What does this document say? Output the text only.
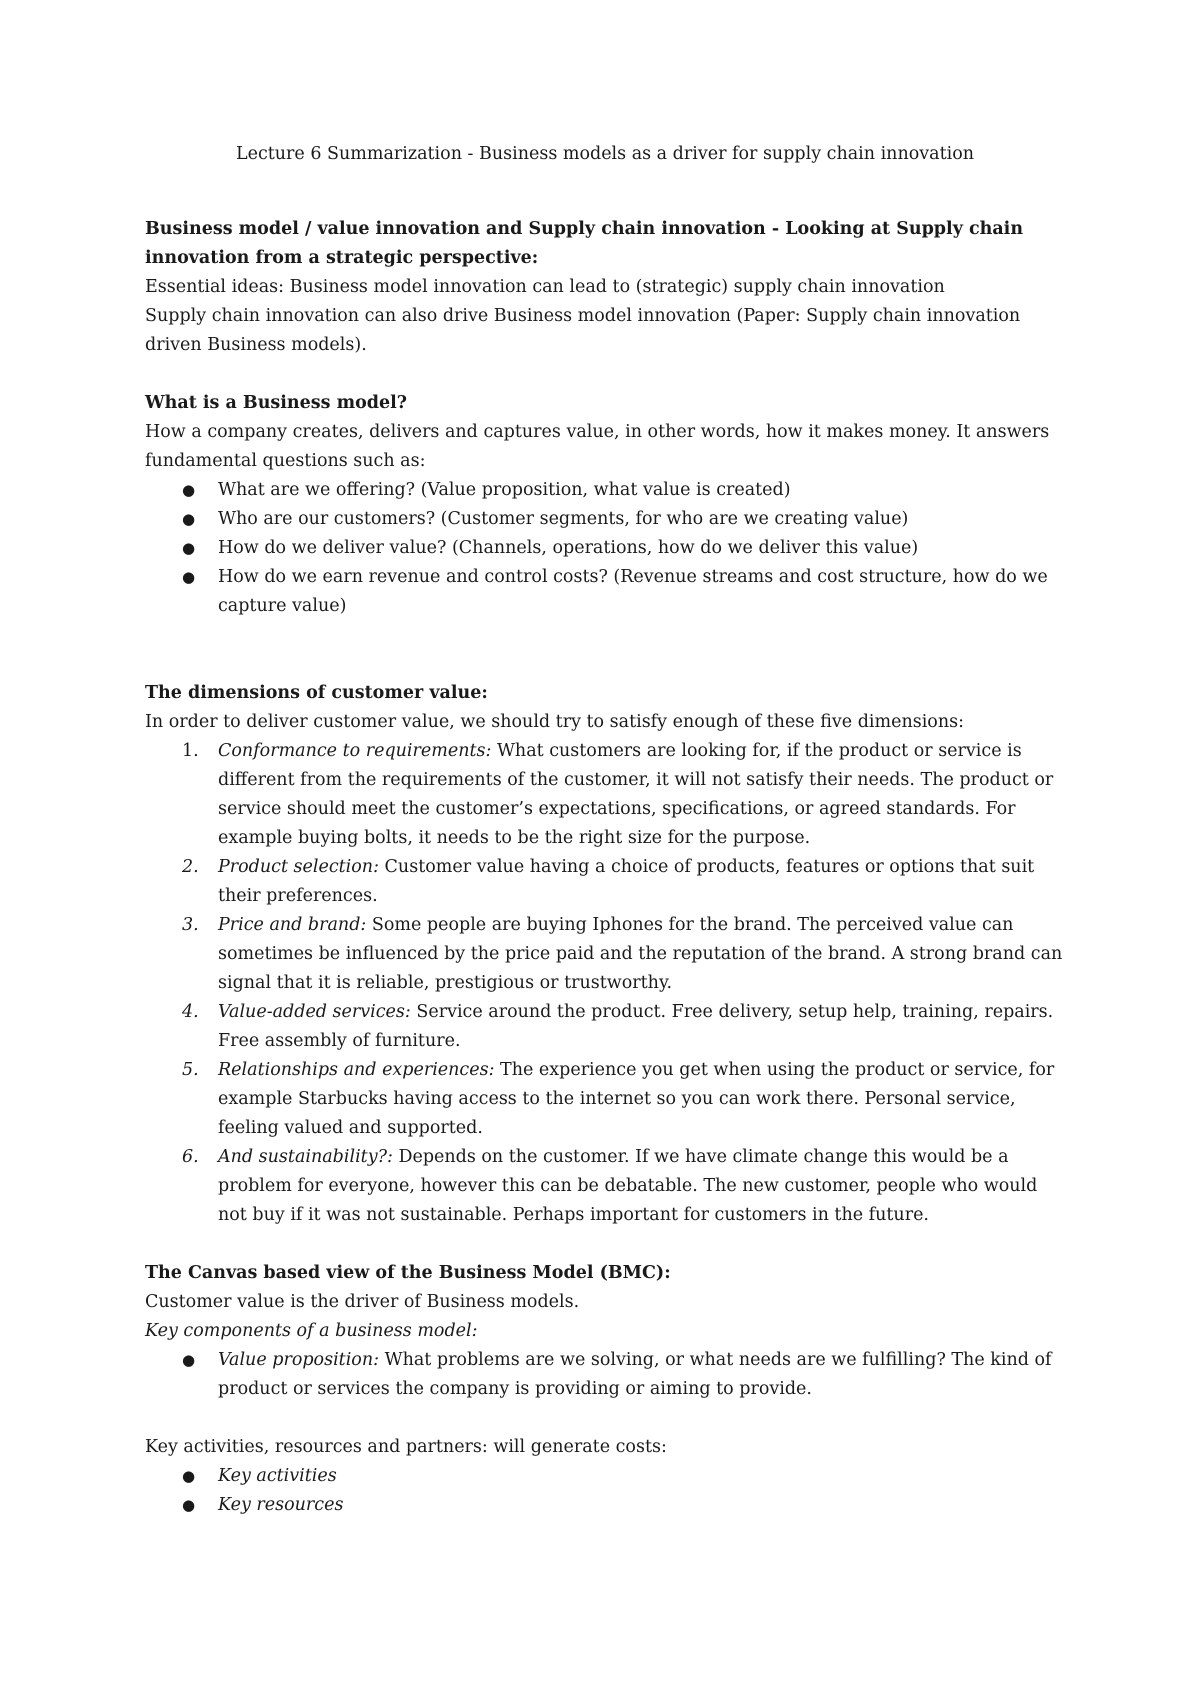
Lecture 6 Summarization - Business models as a driver for supply chain innovation

Business model / value innovation and Supply chain innovation - Looking at Supply chain innovation from a strategic perspective:

Essential ideas: Business model innovation can lead to (strategic) supply chain innovation

Supply chain innovation can also drive Business model innovation (Paper: Supply chain innovation driven Business models).

What is a Business model?

How a company creates, delivers and captures value, in other words, how it makes money. It answers fundamental questions such as:

● What are we offering? (Value proposition, what value is created)
● Who are our customers? (Customer segments, for who are we creating value)
● How do we deliver value? (Channels, operations, how do we deliver this value)
● How do we earn revenue and control costs? (Revenue streams and cost structure, how do we capture value)

The dimensions of customer value:

In order to deliver customer value, we should try to satisfy enough of these five dimensions:

1. Conformance to requirements: What customers are looking for, if the product or service is different from the requirements of the customer, it will not satisfy their needs. The product or service should meet the customer’s expectations, specifications, or agreed standards. For example buying bolts, it needs to be the right size for the purpose.
2. Product selection: Customer value having a choice of products, features or options that suit their preferences.
3. Price and brand: Some people are buying Iphones for the brand. The perceived value can sometimes be influenced by the price paid and the reputation of the brand. A strong brand can signal that it is reliable, prestigious or trustworthy.
4. Value-added services: Service around the product. Free delivery, setup help, training, repairs. Free assembly of furniture.
5. Relationships and experiences: The experience you get when using the product or service, for example Starbucks having access to the internet so you can work there. Personal service, feeling valued and supported.
6. And sustainability?: Depends on the customer. If we have climate change this would be a problem for everyone, however this can be debatable. The new customer, people who would not buy if it was not sustainable. Perhaps important for customers in the future.

The Canvas based view of the Business Model (BMC):

Customer value is the driver of Business models.

Key components of a business model:

● Value proposition: What problems are we solving, or what needs are we fulfilling? The kind of product or services the company is providing or aiming to provide.

Key activities, resources and partners: will generate costs:

● Key activities
● Key resources
